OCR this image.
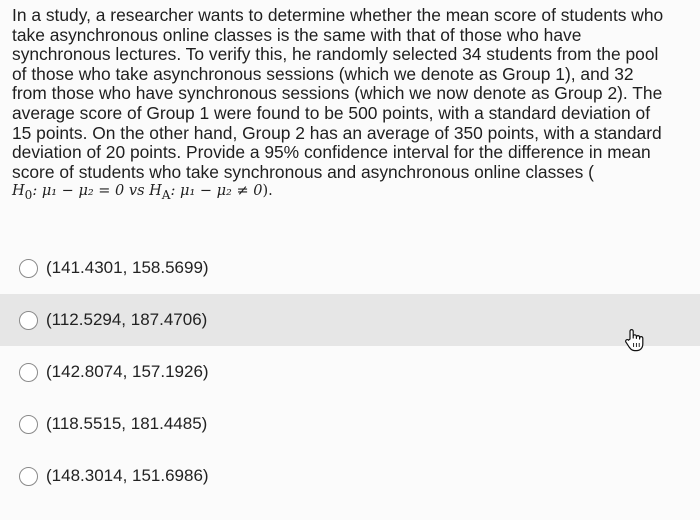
In a study, a researcher wants to determine whether the mean score of students who

take asynchronous online classes is the same with that of those who have

synchronous lectures. To verify this, he randomly selected 34 students from the pool

of those who take asynchronous sessions (which we denote as Group 1), and 32

from those who have synchronous sessions (which we now denote as Group 2). The

average score of Group 1 were found to be 500 points, with a standard deviation of

15 points. On the other hand, Group 2 has an average of 350 points, with a standard

deviation of 20 points. Provide a 95% confidence interval for the difference in mean

score of students who take synchronous and asynchronous online classes (

$H_0$: μ₁ − μ₂ = 0 vs $H_A$: μ₁ − μ₂ ≠ 0).

(141.4301, 158.5699)
(112.5294, 187.4706)
(142.8074, 157.1926)
(118.5515, 181.4485)
(148.3014, 151.6986)
